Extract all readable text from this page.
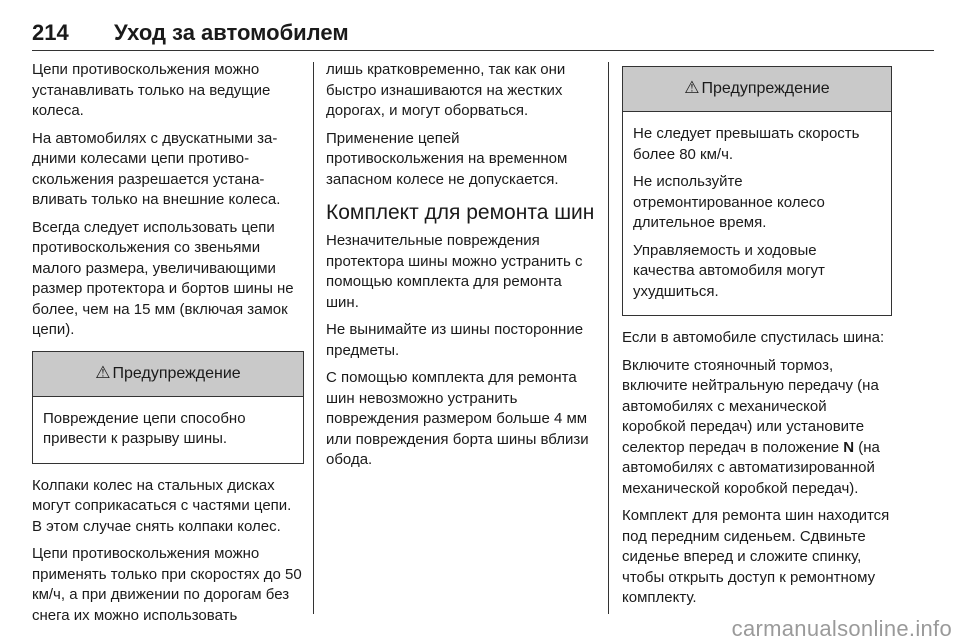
214 Уход за автомобилем

Цепи противоскольжения можно устанавливать только на ведущие колеса.

На автомобилях с двускатными за-дними колесами цепи противо-скольжения разрешается устана-вливать только на внешние колеса.

Всегда следует использовать цепи противоскольжения со звеньями малого размера, увеличивающими размер протектора и бортов шины не более, чем на 15 мм (включая замок цепи).

⚠ Предупреждение

Повреждение цепи способно привести к разрыву шины.

Колпаки колес на стальных дисках могут соприкасаться с частями цепи. В этом случае снять колпаки колес.

Цепи противоскольжения можно применять только при скоростях до 50 км/ч, а при движении по дорогам без снега их можно использовать

лишь кратковременно, так как они быстро изнашиваются на жестких дорогах, и могут оборваться.

Применение цепей противоскольжения на временном запасном колесе не допускается.

Комплект для ремонта шин

Незначительные повреждения протектора шины можно устранить с помощью комплекта для ремонта шин.

Не вынимайте из шины посторонние предметы.

С помощью комплекта для ремонта шин невозможно устранить повреждения размером больше 4 мм или повреждения борта шины вблизи обода.

⚠ Предупреждение

Не следует превышать скорость более 80 км/ч.

Не используйте отремонтированное колесо длительное время.

Управляемость и ходовые качества автомобиля могут ухудшиться.

Если в автомобиле спустилась шина:

Включите стояночный тормоз, включите нейтральную передачу (на автомобилях с механической коробкой передач) или установите селектор передач в положение N (на автомобилях с автоматизированной механической коробкой передач).

Комплект для ремонта шин находится под передним сиденьем. Сдвиньте сиденье вперед и сложите спинку, чтобы открыть доступ к ремонтному комплекту.

carmanualsonline.info
